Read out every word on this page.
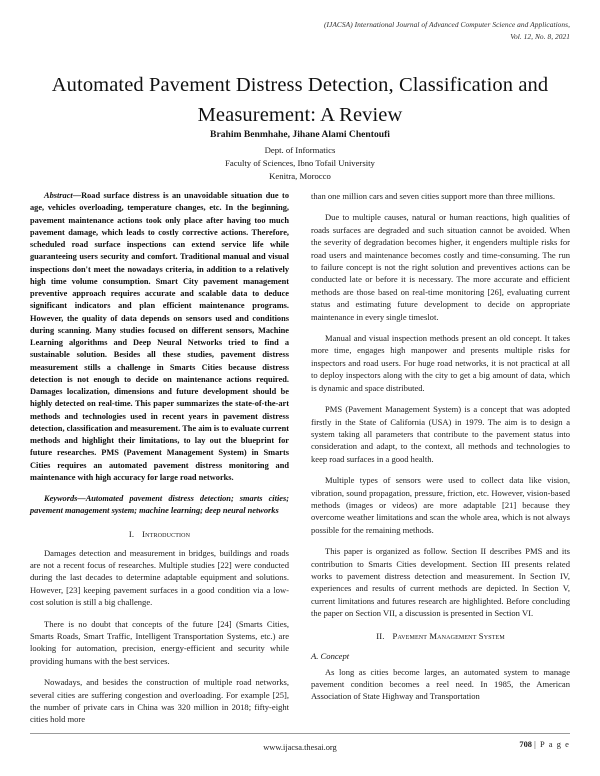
(IJACSA) International Journal of Advanced Computer Science and Applications,
Vol. 12, No. 8, 2021
Automated Pavement Distress Detection, Classification and Measurement: A Review
Brahim Benmhahe, Jihane Alami Chentoufi
Dept. of Informatics
Faculty of Sciences, Ibno Tofail University
Kenitra, Morocco

Abstract—Road surface distress is an unavoidable situation due to age, vehicles overloading, temperature changes, etc. In the beginning, pavement maintenance actions took only place after having too much pavement damage, which leads to costly corrective actions. Therefore, scheduled road surface inspections can extend service life while guaranteeing users security and comfort. Traditional manual and visual inspections don't meet the nowadays criteria, in addition to a relatively high time volume consumption. Smart City pavement management preventive approach requires accurate and scalable data to deduce significant indicators and plan efficient maintenance programs. However, the quality of data depends on sensors used and conditions during scanning. Many studies focused on different sensors, Machine Learning algorithms and Deep Neural Networks tried to find a sustainable solution. Besides all these studies, pavement distress measurement stills a challenge in Smarts Cities because distress detection is not enough to decide on maintenance actions required. Damages localization, dimensions and future development should be highly detected on real-time. This paper summarizes the state-of-the-art methods and technologies used in recent years in pavement distress detection, classification and measurement. The aim is to evaluate current methods and highlight their limitations, to lay out the blueprint for future researches. PMS (Pavement Management System) in Smarts Cities requires an automated pavement distress monitoring and maintenance with high accuracy for large road networks.

Keywords—Automated pavement distress detection; smarts cities; pavement management system; machine learning; deep neural networks

I. Introduction

Damages detection and measurement in bridges, buildings and roads are not a recent focus of researches. Multiple studies [22] were conducted during the last decades to determine adaptable equipment and solutions. However, [23] keeping pavement surfaces in a good condition via a low-cost solution is still a big challenge.

There is no doubt that concepts of the future [24] (Smarts Cities, Smarts Roads, Smart Traffic, Intelligent Transportation Systems, etc.) are looking for automation, precision, energy-efficient and security while providing humans with the best services.

Nowadays, and besides the construction of multiple road networks, several cities are suffering congestion and overloading. For example [25], the number of private cars in China was 320 million in 2018; fifty-eight cities hold more

than one million cars and seven cities support more than three millions.

Due to multiple causes, natural or human reactions, high qualities of roads surfaces are degraded and such situation cannot be avoided. When the severity of degradation becomes higher, it engenders multiple risks for road users and maintenance becomes costly and time-consuming. The run to failure concept is not the right solution and preventives actions can be conducted late or before it is necessary. The more accurate and efficient methods are those based on real-time monitoring [26], evaluating current status and estimating future development to decide on appropriate maintenance in every single timeslot.

Manual and visual inspection methods present an old concept. It takes more time, engages high manpower and presents multiple risks for inspectors and road users. For huge road networks, it is not practical at all to deploy inspectors along with the city to get a big amount of data, which is dynamic and space distributed.

PMS (Pavement Management System) is a concept that was adopted firstly in the State of California (USA) in 1979. The aim is to design a system taking all parameters that contribute to the pavement status into consideration and adapt, to the context, all methods and technologies to keep road surfaces in a good health.

Multiple types of sensors were used to collect data like vision, vibration, sound propagation, pressure, friction, etc. However, vision-based methods (images or videos) are more adaptable [21] because they overcome weather limitations and scan the whole area, which is not always possible for the remaining methods.

This paper is organized as follow. Section II describes PMS and its contribution to Smarts Cities development. Section III presents related works to pavement distress detection and measurement. In Section IV, experiences and results of current methods are depicted. In Section V, current limitations and futures research are highlighted. Before concluding the paper on Section VII, a discussion is presented in Section VI.

II. Pavement Management System
A. Concept

As long as cities become larges, an automated system to manage pavement condition becomes a reel need. In 1985, the American Association of State Highway and Transportation

www.ijacsa.thesai.org	708 | P a g e
